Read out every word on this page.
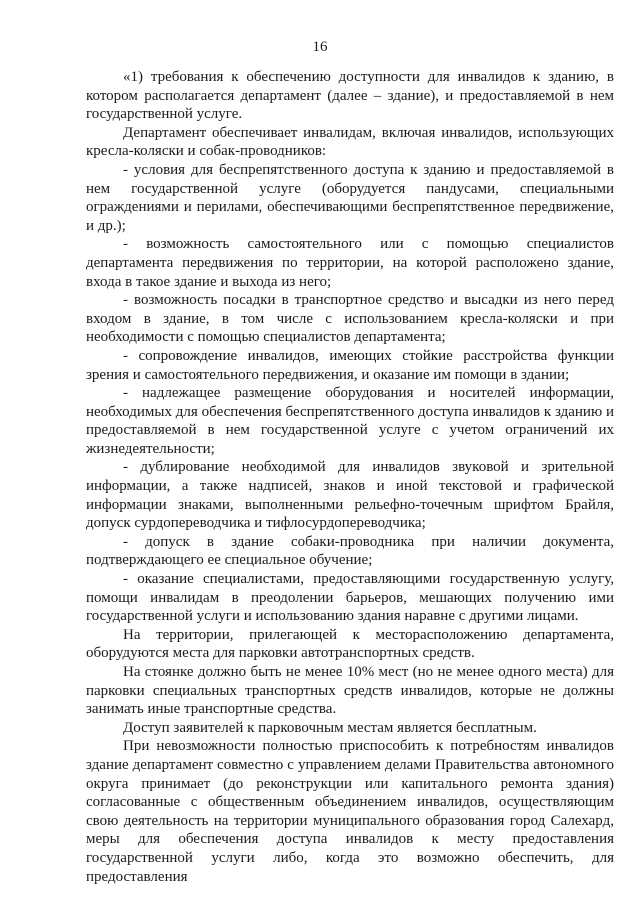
16

«1) требования к обеспечению доступности для инвалидов к зданию, в котором располагается департамент (далее – здание), и предоставляемой в нем государственной услуге.

Департамент обеспечивает инвалидам, включая инвалидов, использующих кресла-коляски и собак-проводников:

- условия для беспрепятственного доступа к зданию и предоставляемой в нем государственной услуге (оборудуется пандусами, специальными ограждениями и перилами, обеспечивающими беспрепятственное передвижение, и др.);

- возможность самостоятельного или с помощью специалистов департамента передвижения по территории, на которой расположено здание, входа в такое здание и выхода из него;

- возможность посадки в транспортное средство и высадки из него перед входом в здание, в том числе с использованием кресла-коляски и при необходимости с помощью специалистов департамента;

- сопровождение инвалидов, имеющих стойкие расстройства функции зрения и самостоятельного передвижения, и оказание им помощи в здании;

- надлежащее размещение оборудования и носителей информации, необходимых для обеспечения беспрепятственного доступа инвалидов к зданию и предоставляемой в нем государственной услуге с учетом ограничений их жизнедеятельности;

- дублирование необходимой для инвалидов звуковой и зрительной информации, а также надписей, знаков и иной текстовой и графической информации знаками, выполненными рельефно-точечным шрифтом Брайля, допуск сурдопереводчика и тифлосурдопереводчика;

- допуск в здание собаки-проводника при наличии документа, подтверждающего ее специальное обучение;

- оказание специалистами, предоставляющими государственную услугу, помощи инвалидам в преодолении барьеров, мешающих получению ими государственной услуги и использованию здания наравне с другими лицами.

На территории, прилегающей к месторасположению департамента, оборудуются места для парковки автотранспортных средств.

На стоянке должно быть не менее 10% мест (но не менее одного места) для парковки специальных транспортных средств инвалидов, которые не должны занимать иные транспортные средства.

Доступ заявителей к парковочным местам является бесплатным.

При невозможности полностью приспособить к потребностям инвалидов здание департамент совместно с управлением делами Правительства автономного округа принимает (до реконструкции или капитального ремонта здания) согласованные с общественным объединением инвалидов, осуществляющим свою деятельность на территории муниципального образования город Салехард, меры для обеспечения доступа инвалидов к месту предоставления государственной услуги либо, когда это возможно обеспечить, для предоставления
